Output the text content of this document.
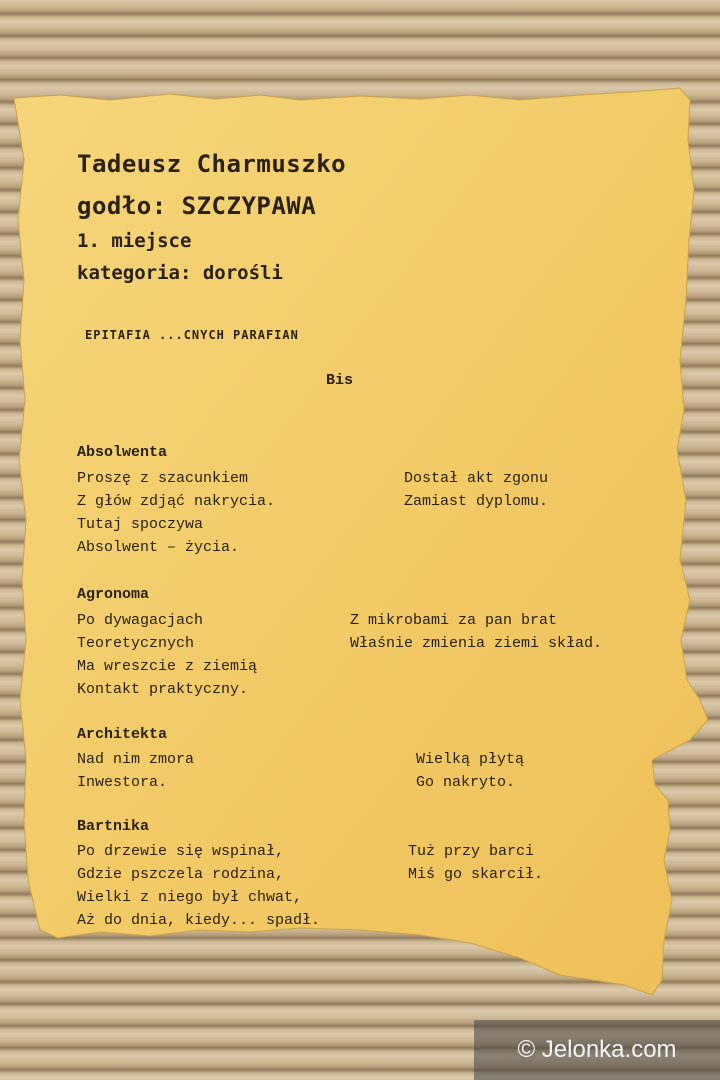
Tadeusz Charmuszko
godło: SZCZYPAWA
1. miejsce
kategoria: dorośli
EPITAFIA ...CNYCH PARAFIAN
Bis
Absolwenta
Proszę z szacunkiem
Z głów zdjąć nakrycia.
Tutaj spoczywa
Absolwent – życia.
Dostał akt zgonu
Zamiast dyplomu.
Agronoma
Po dywagacjach
Teoretycznych
Ma wreszcie z ziemią
Kontakt praktyczny.
Z mikrobami za pan brat
Właśnie zmienia ziemi skład.
Architekta
Nad nim zmora
Inwestora.
Wielką płytą
Go nakryto.
Bartnika
Po drzewie się wspinał,
Gdzie pszczela rodzina,
Wielki z niego był chwat,
Aż do dnia, kiedy... spadł.
Tuż przy barci
Miś go skarcił.
© Jelonka.com
